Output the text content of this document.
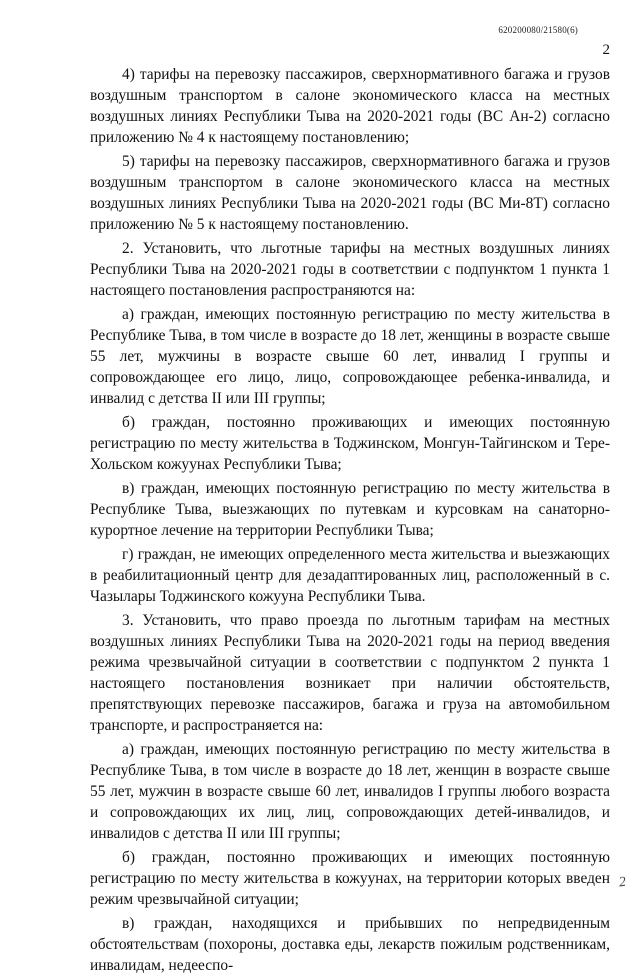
620200080/21580(6)
2

4) тарифы на перевозку пассажиров, сверхнормативного багажа и грузов воздушным транспортом в салоне экономического класса на местных воздушных линиях Республики Тыва на 2020-2021 годы (ВС Ан-2) согласно приложению № 4 к настоящему постановлению;

5) тарифы на перевозку пассажиров, сверхнормативного багажа и грузов воздушным транспортом в салоне экономического класса на местных воздушных линиях Республики Тыва на 2020-2021 годы (ВС Ми-8Т) согласно приложению № 5 к настоящему постановлению.

2. Установить, что льготные тарифы на местных воздушных линиях Республики Тыва на 2020-2021 годы в соответствии с подпунктом 1 пункта 1 настоящего постановления распространяются на:

а) граждан, имеющих постоянную регистрацию по месту жительства в Республике Тыва, в том числе в возрасте до 18 лет, женщины в возрасте свыше 55 лет, мужчины в возрасте свыше 60 лет, инвалид I группы и сопровождающее его лицо, лицо, сопровождающее ребенка-инвалида, и инвалид с детства II или III группы;

б) граждан, постоянно проживающих и имеющих постоянную регистрацию по месту жительства в Тоджинском, Монгун-Тайгинском и Тере-Хольском кожуунах Республики Тыва;

в) граждан, имеющих постоянную регистрацию по месту жительства в Республике Тыва, выезжающих по путевкам и курсовкам на санаторно-курортное лечение на территории Республики Тыва;

г) граждан, не имеющих определенного места жительства и выезжающих в реабилитационный центр для дезадаптированных лиц, расположенный в с. Чазылары Тоджинского кожууна Республики Тыва.

3. Установить, что право проезда по льготным тарифам на местных воздушных линиях Республики Тыва на 2020-2021 годы на период введения режима чрезвычайной ситуации в соответствии с подпунктом 2 пункта 1 настоящего постановления возникает при наличии обстоятельств, препятствующих перевозке пассажиров, багажа и груза на автомобильном транспорте, и распространяется на:

а) граждан, имеющих постоянную регистрацию по месту жительства в Республике Тыва, в том числе в возрасте до 18 лет, женщин в возрасте свыше 55 лет, мужчин в возрасте свыше 60 лет, инвалидов I группы любого возраста и сопровождающих их лиц, лиц, сопровождающих детей-инвалидов, и инвалидов с детства II или III группы;

б) граждан, постоянно проживающих и имеющих постоянную регистрацию по месту жительства в кожуунах, на территории которых введен режим чрезвычайной ситуации;

в) граждан, находящихся и прибывших по непредвиденным обстоятельствам (похороны, доставка еды, лекарств пожилым родственникам, инвалидам, недееспо-

2
